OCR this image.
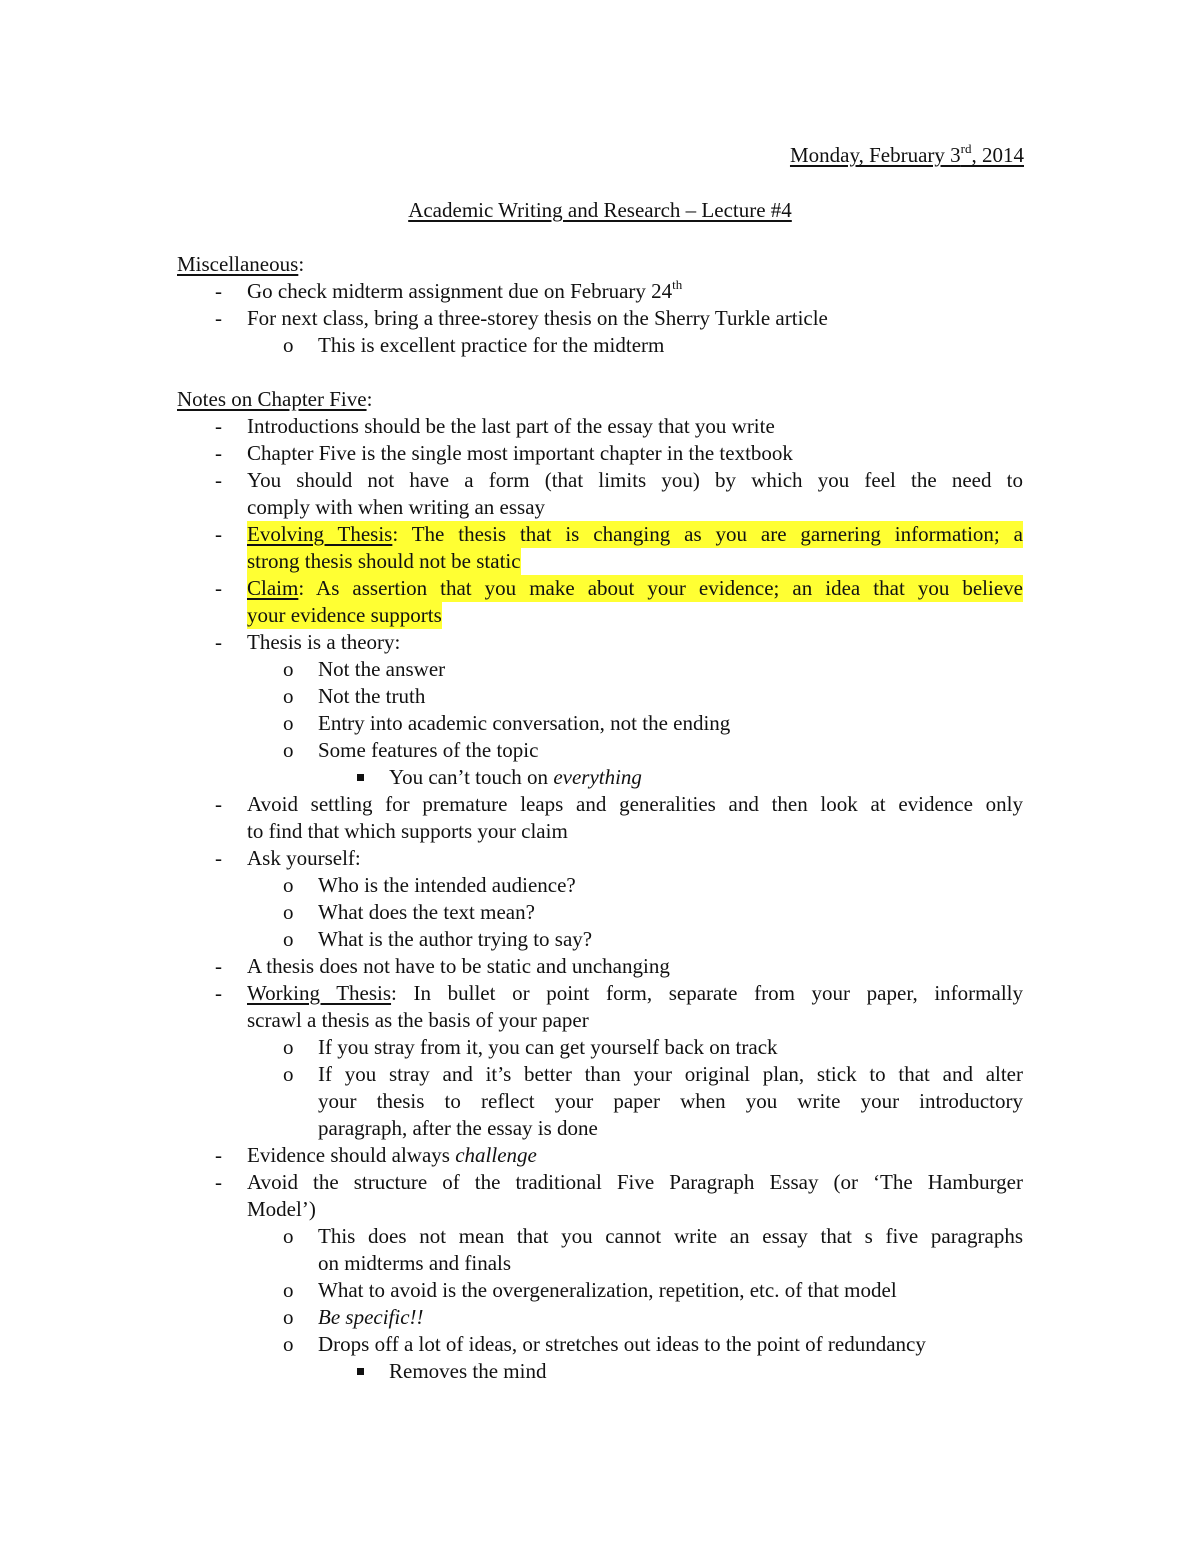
Monday, February 3rd, 2014
Academic Writing and Research – Lecture #4
Miscellaneous:
- Go check midterm assignment due on February 24th
- For next class, bring a three-storey thesis on the Sherry Turkle article
o This is excellent practice for the midterm
Notes on Chapter Five:
- Introductions should be the last part of the essay that you write
- Chapter Five is the single most important chapter in the textbook
- You should not have a form (that limits you) by which you feel the need to
comply with when writing an essay
- Evolving Thesis: The thesis that is changing as you are garnering information; a
strong thesis should not be static
- Claim: As assertion that you make about your evidence; an idea that you believe
your evidence supports
- Thesis is a theory:
o Not the answer
o Not the truth
o Entry into academic conversation, not the ending
o Some features of the topic
You can’t touch on everything
- Avoid settling for premature leaps and generalities and then look at evidence only
to find that which supports your claim
- Ask yourself:
o Who is the intended audience?
o What does the text mean?
o What is the author trying to say?
- A thesis does not have to be static and unchanging
- Working Thesis: In bullet or point form, separate from your paper, informally
scrawl a thesis as the basis of your paper
o If you stray from it, you can get yourself back on track
o If you stray and it’s better than your original plan, stick to that and alter
your thesis to reflect your paper when you write your introductory
paragraph, after the essay is done
- Evidence should always challenge
- Avoid the structure of the traditional Five Paragraph Essay (or ‘The Hamburger
Model’)
o This does not mean that you cannot write an essay that s five paragraphs
on midterms and finals
o What to avoid is the overgeneralization, repetition, etc. of that model
o Be specific!!
o Drops off a lot of ideas, or stretches out ideas to the point of redundancy
Removes the mind
